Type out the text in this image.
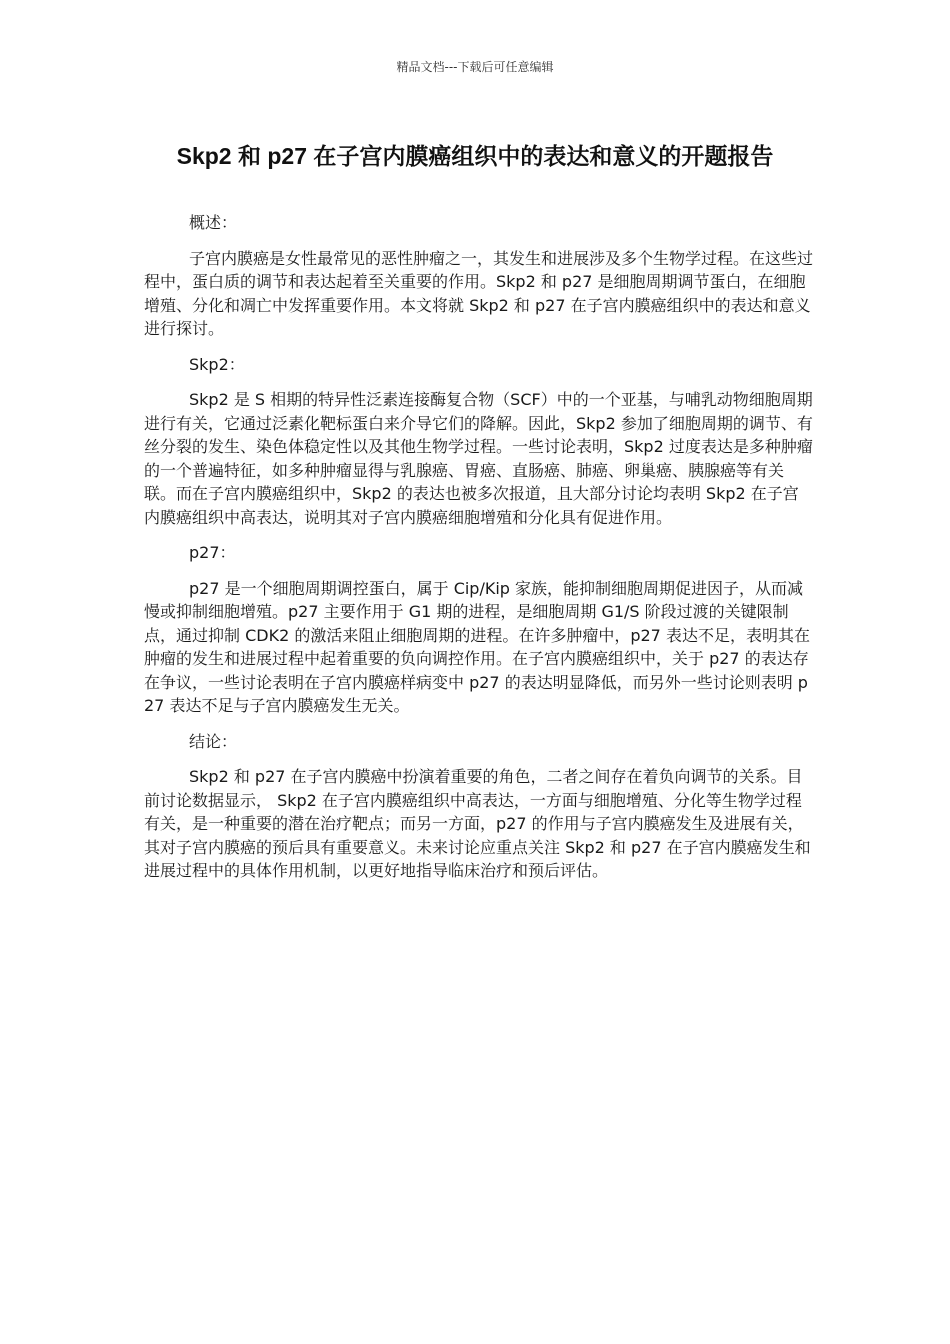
精品文档---下载后可任意编辑
Skp2 和 p27 在子宫内膜癌组织中的表达和意义的开题报告

概述：

子宫内膜癌是女性最常见的恶性肿瘤之一，其发生和进展涉及多个生物学过程。在这些过程中，蛋白质的调节和表达起着至关重要的作用。Skp2 和 p27 是细胞周期调节蛋白，在细胞增殖、分化和凋亡中发挥重要作用。本文将就 Skp2 和 p27 在子宫内膜癌组织中的表达和意义进行探讨。

Skp2：

Skp2 是 S 相期的特异性泛素连接酶复合物（SCF）中的一个亚基，与哺乳动物细胞周期进行有关，它通过泛素化靶标蛋白来介导它们的降解。因此，Skp2 参加了细胞周期的调节、有丝分裂的发生、染色体稳定性以及其他生物学过程。一些讨论表明，Skp2 过度表达是多种肿瘤的一个普遍特征，如多种肿瘤显得与乳腺癌、胃癌、直肠癌、肺癌、卵巢癌、胰腺癌等有关联。而在子宫内膜癌组织中，Skp2 的表达也被多次报道，且大部分讨论均表明 Skp2 在子宫内膜癌组织中高表达，说明其对子宫内膜癌细胞增殖和分化具有促进作用。

p27：

p27 是一个细胞周期调控蛋白，属于 Cip/Kip 家族，能抑制细胞周期促进因子，从而减慢或抑制细胞增殖。p27 主要作用于 G1 期的进程，是细胞周期 G1/S 阶段过渡的关键限制点，通过抑制 CDK2 的激活来阻止细胞周期的进程。在许多肿瘤中，p27 表达不足，表明其在肿瘤的发生和进展过程中起着重要的负向调控作用。在子宫内膜癌组织中，关于 p27 的表达存在争议，一些讨论表明在子宫内膜癌样病变中 p27 的表达明显降低，而另外一些讨论则表明 p27 表达不足与子宫内膜癌发生无关。

结论：

Skp2 和 p27 在子宫内膜癌中扮演着重要的角色，二者之间存在着负向调节的关系。目前讨论数据显示， Skp2 在子宫内膜癌组织中高表达，一方面与细胞增殖、分化等生物学过程有关，是一种重要的潜在治疗靶点；而另一方面，p27 的作用与子宫内膜癌发生及进展有关，其对子宫内膜癌的预后具有重要意义。未来讨论应重点关注 Skp2 和 p27 在子宫内膜癌发生和进展过程中的具体作用机制，以更好地指导临床治疗和预后评估。
